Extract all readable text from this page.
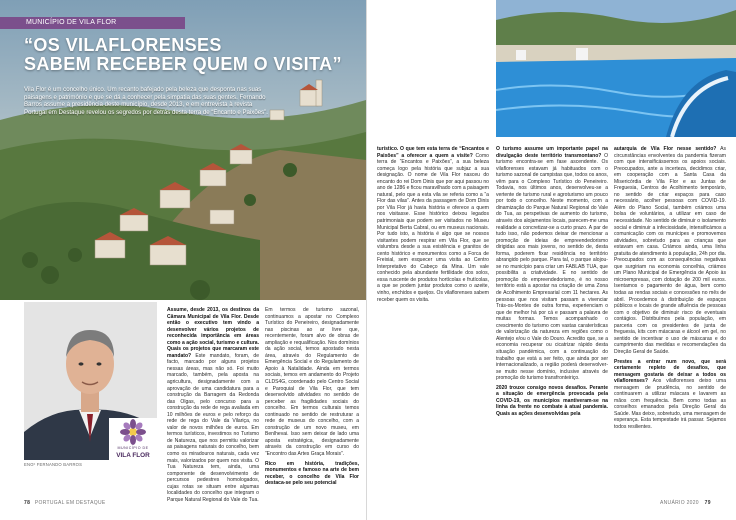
MUNICÍPIO DE VILA FLOR
“OS VILAFLORENSES
SABEM RECEBER QUEM O VISITA”
Vila Flor é um concelho único. Um recanto bafejado pela beleza que desponta nas suas paisagens e património e que se dá a conhecer pela simpatia das suas gentes. Fernando Barros assume a presidência deste município, desde 2013, e em entrevista à revista Portugal em Destaque revelou os segredos por detrás desta terra de “Encanto e Paixões”.
MUNICÍPIO DE
VILA FLOR
ENGº FERNANDO BARROS

Assume, desde 2013, os destinos da Câmara Municipal de Vila Flor. Desde então o executivo tem vindo a desenvolver vários projetos de reconhecida importância em áreas como a ação social, turismo e cultura. Quais os projetos que marcaram este mandato? Este mandato, foram, de facto, marcado por alguns projetos nessas áreas, mas não só. Foi muito marcado, também, pela aposta na agricultura, designadamente com a aprovação de uma candidatura para a construção da Barragem da Redonda das Olgas, pelo concurso para a construção da rede de rega avaliada em 10 milhões de euros e pelo reforço da rede de rega do Vale da Vilariça, no valor de novos milhões de euros. Em termos turísticos, investimos no Turismo de Natureza, que nos permitiu valorizar as paisagens naturais do concelho, bem como os miradouros naturais, cada vez mais, valorizados por quem nos visita. O Tua Natureza tem, ainda, uma componente de desenvolvimento de percursos pedestres homologados, cujas rotas se situam entre algumas localidades do concelho que integram o Parque Natural Regional do Vale do Tua.

Em termos de turismo sazonal, continuamos a apostar no Complexo Turístico do Peneireiro, designadamente nas piscinas ao ar livre que, recentemente, foram alvo de obras de ampliação e requalificação. Nos domínios da ação social, temos apostado nesta área, através do Regulamento de Emergência Social e do Regulamento de Apoio à Natalidade. Ainda em termos sociais, temos em andamento do Projeto CLDS4G, coordenado pelo Centro Social e Paroquial de Vila Flor, que tem desenvolvido atividades no sentido de perceber as fragilidades sociais do concelho. Em termos culturais temos continuado no sentido de restruturar a rede de museus do concelho, com a construção de um novo museu, em Benlhevai. Isso sem deixar de lado uma aposta estratégica, designadamente através da construção em curso do “Encontro das Artes Graça Morais”.

Rico em história, tradições, monumentos e famoso na arte de bem receber, o concelho de Vila Flor destaca-se pelo seu potencial

78 PORTUGAL EM DESTAQUE

turístico. O que tem esta terra de “Encantos e Paixões” a oferecer a quem a visite? Como terra de “Encantos e Paixões”, a sua beleza começa logo pela história que subjaz a sua designação. O nome de Vila Flor nasceu do encanto do rei Dom Dinis que por aqui passou no ano de 1286 e ficou maravilhado com a paisagem natural, pelo que a esta vila se referia como a “a Flor das vilas”. Antes da passagem de Dom Dinis por Vila Flor já havia história e oferece a quem nos visitasse. Esse histórico deixou legados patrimoniais que podem ser visitados no Museu Municipal Berta Cabral, ou em museus nacionais. Por tudo isto, a história é algo que se nossos visitantes podem respirar em Vila Flor, que se vislumbra desde a sua existência e granitos de cento histórico e monumentos como a Forca de Freixial, sem esquecer uma visita ao Centro Interpretativo do Cabeço da Mina. Um vale conhecido pela abundante fertilidade dos solos, essa ruscente de produtos hortícolas e frutícolas, a que se podem juntar produtos como o azeite, vinho, enchidos e queijos. Os vilaflorenses sabem receber quem os visita.

O turismo assume um importante papel na divulgação deste território transmontano? O turismo encontra-se em fase ascendente. Os vilaflorenses estavam já habituados com o turismo sazonal de campistas que, todos os anos, vêm para o Complexo Turístico do Peneireiro. Todavia, nos últimos anos, desenvolveu-se a vertente de turismo rural e agroturismo um pouco por todo o concelho. Neste momento, com a dinamização do Parque Natural Regional do Vale do Tua, as perspetivas de aumento do turismo, através dos alojamentos locais, parecem-me uma realidade a concretizar-se a curto prazo. A par de tudo isso, não podemos deixar de mencionar a promoção de ideias de empreendedorismo dirigidas aos mais jovens, no sentido de, desta forma, poderem fixar residência no território abrangido pelo parque. Para tal, o parque alojou-se no município para criar um FABLAB TUA, que possibilita a criatividade. E no sentido de promoção do empreendedorismo, é no nosso território está a apostar na criação de uma Zona de Acolhimento Empresarial com 11 hectares. As pessoas que nos visitam passam a vivenciar Trás-os-Montes de outra forma, experienciam o que de melhor há por cá e passam a palavra de muitas formas. Temos acompanhado o crescimento do turismo com vastas caraterísticas de valorização da natureza em regiões como o Alentejo e/ou o Vale do Douro. Acredito que, se a economia recuperar ou cicatrizar rápido desta situação pandémica, com a continuação do trabalho que está a ser feito, que ainda por ser internacionalizado, a região poderá desenvolver-se muito nesse domínio, inclusive através de promoção do turismo transfronteiriço.

2020 trouxe consigo novos desafios. Perante a situação de emergência provocada pela COVID-19, os municípios mantiveram-se na linha da frente no combate à atual pandemia. Quais as ações desenvolvidas pela

autarquia de Vila Flor nesse sentido? As circunstâncias envolventes da pandemia fizeram com que intensificássemos os apoios sociais. Preocupados, ante a incerteza, decidimos criar, em cooperação com a Santa Casa da Misericórdia de Vila Flor e as Juntas de Freguesia, Centros de Acolhimento temporário, no sentido de criar espaços para caso necessário, acolher pessoas com COVID-19. Além do Plano Social, também criámos uma bolsa de voluntários, a utilizar em caso de necessidade. No sentido de diminuir o isolamento social e diminuir a infeciosidade, intensificámos a comunicação com os munícipes e promovemos atividades, sobretudo para as crianças que estavam em casa. Criámos ainda, uma linha gratuita de atendimento à população, 24h por dia. Preocupados com as consequências negativas que surgiriam na economia concelhia, criámos um Plano Municipal de Emergência de Apoio às microempresas, com dotação de 200 mil euros. Isentamos o pagamento de água, bem como todas as rendas sociais e concessões no mês de abril. Procedemos à distribuição de espaços públicos e locais de grande afluência de pessoas com o objetivo de diminuir risco de eventuais contágios. Distribuímos pela população, em parceria com os presidentes de junta de freguesia, kits com máscaras e álcool em gel, no sentido de incentivar o uso de máscaras e do cumprimento das medidas e recomendações da Direção Geral de Saúde.

Prestes a entrar num novo, que será certamente repleto de desafios, que mensagem gostaria de deixar a todos os vilaflorenses? Aos vilaflorenses deixo uma mensagem de prudência, no sentido de continuarem a utilizar máscara e lavarem as mãos com frequência. Bem como todas as conselhos emanados pela Direção Geral da Saúde. Mas deixo, sobretudo, uma mensagem de esperança. Esta tempestade irá passar. Sejamos todos resilientes.

ANUÁRIO 2020 79
